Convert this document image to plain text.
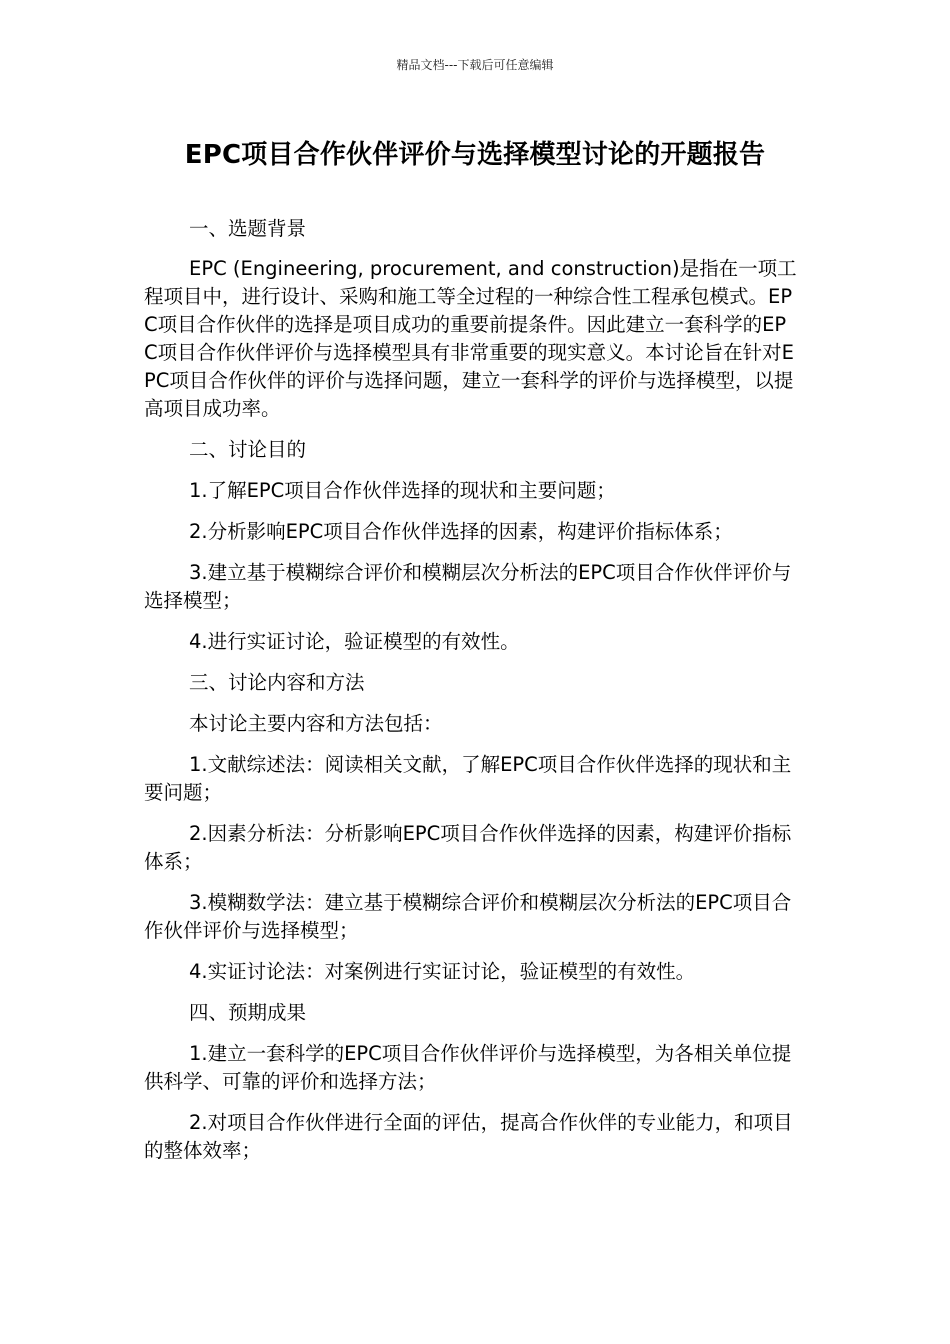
精品文档---下载后可任意编辑
EPC项目合作伙伴评价与选择模型讨论的开题报告

一、选题背景

EPC (Engineering, procurement, and construction)是指在一项工程项目中，进行设计、采购和施工等全过程的一种综合性工程承包模式。EPC项目合作伙伴的选择是项目成功的重要前提条件。因此建立一套科学的EPC项目合作伙伴评价与选择模型具有非常重要的现实意义。本讨论旨在针对EPC项目合作伙伴的评价与选择问题，建立一套科学的评价与选择模型，以提高项目成功率。

二、讨论目的

1.了解EPC项目合作伙伴选择的现状和主要问题；

2.分析影响EPC项目合作伙伴选择的因素，构建评价指标体系；

3.建立基于模糊综合评价和模糊层次分析法的EPC项目合作伙伴评价与选择模型；

4.进行实证讨论，验证模型的有效性。

三、讨论内容和方法

本讨论主要内容和方法包括：

1.文献综述法：阅读相关文献，了解EPC项目合作伙伴选择的现状和主要问题；

2.因素分析法：分析影响EPC项目合作伙伴选择的因素，构建评价指标体系；

3.模糊数学法：建立基于模糊综合评价和模糊层次分析法的EPC项目合作伙伴评价与选择模型；

4.实证讨论法：对案例进行实证讨论，验证模型的有效性。

四、预期成果

1.建立一套科学的EPC项目合作伙伴评价与选择模型，为各相关单位提供科学、可靠的评价和选择方法；

2.对项目合作伙伴进行全面的评估，提高合作伙伴的专业能力，和项目的整体效率；
